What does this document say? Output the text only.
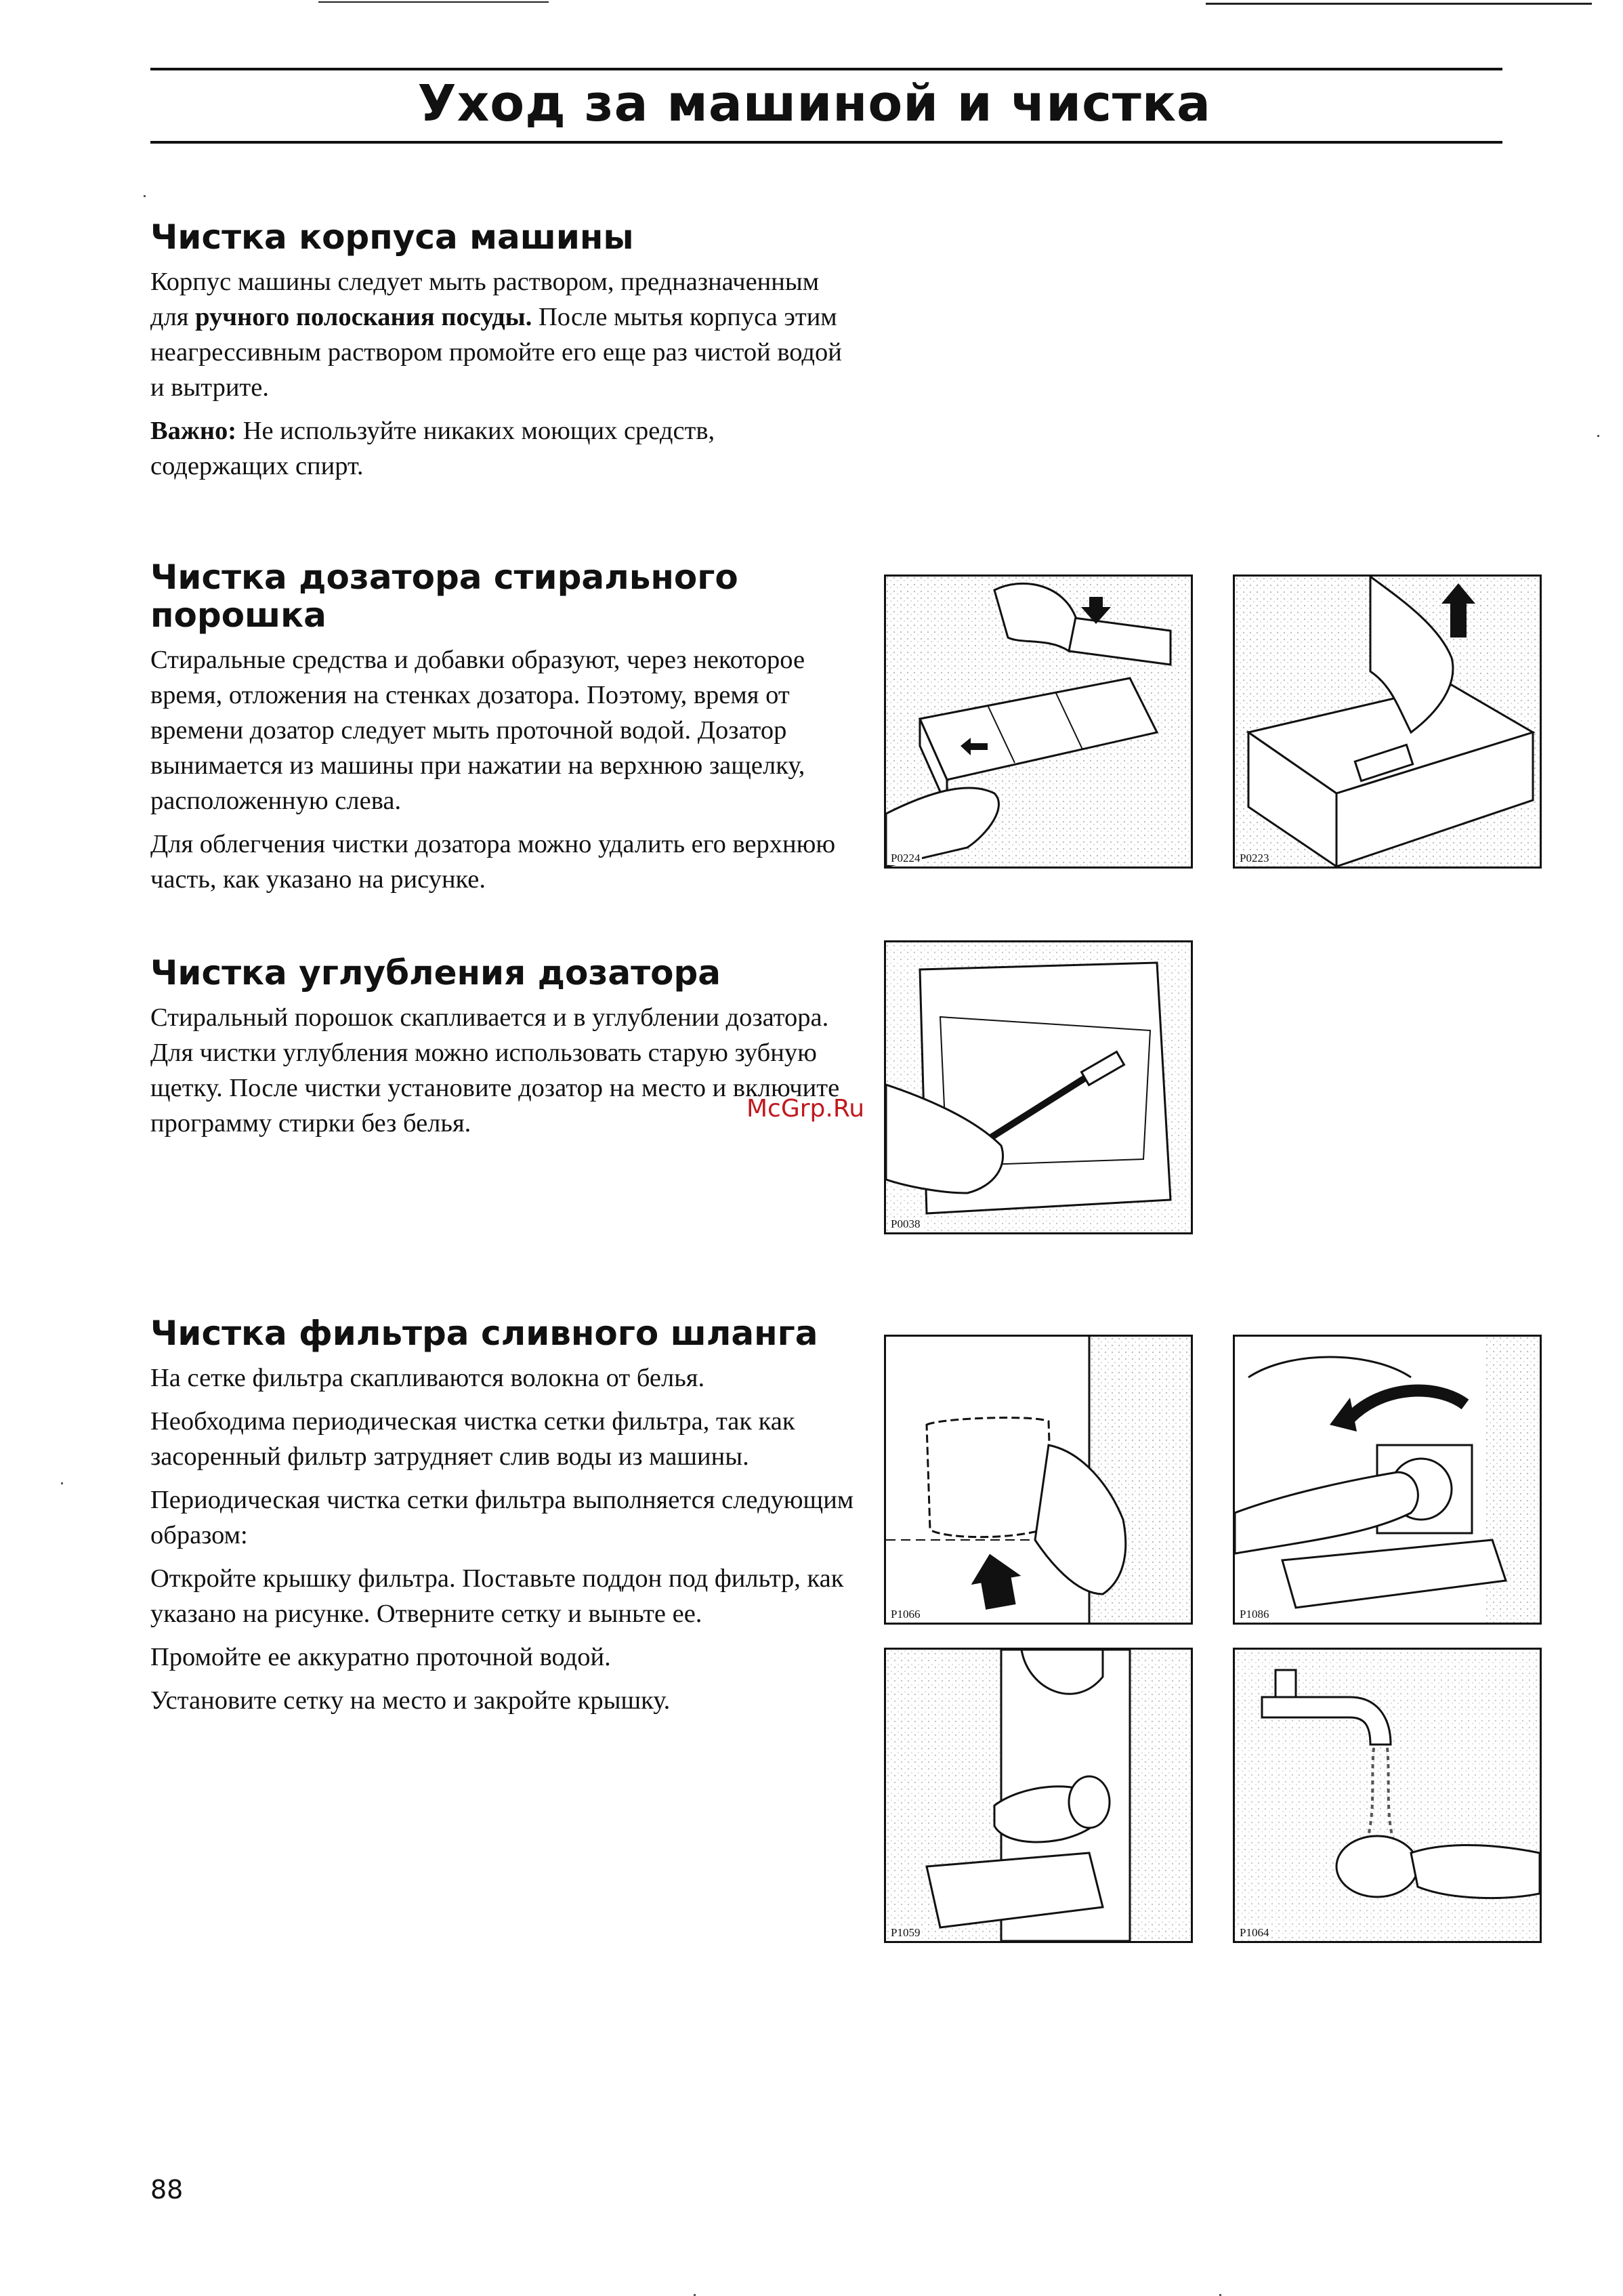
Уход за машиной и чистка
Чистка корпуса машины

Корпус машины следует мыть раствором, предназначенным для ручного полоскания посуды. После мытья корпуса этим неагрессивным раствором промойте его еще раз чистой водой и вытрите.

Важно: Не используйте никаких моющих средств, содержащих спирт.

Чистка дозатора стирального порошка

Стиральные средства и добавки образуют, через некоторое время, отложения на стенках дозатора. Поэтому, время от времени дозатор следует мыть проточной водой. Дозатор вынимается из машины при нажатии на верхнюю защелку, расположенную слева.

Для облегчения чистки дозатора можно удалить его верхнюю часть, как указано на рисунке.

Чистка углубления дозатора

Стиральный порошок скапливается и в углублении дозатора. Для чистки углубления можно использовать старую зубную щетку. После чистки установите дозатор на место и включите программу стирки без белья.

Чистка фильтра сливного шланга

На сетке фильтра скапливаются волокна от белья.

Необходима периодическая чистка сетки фильтра, так как засоренный фильтр затрудняет слив воды из машины.

Периодическая чистка сетки фильтра выполняется следующим образом:

Откройте крышку фильтра. Поставьте поддон под фильтр, как указано на рисунке. Отверните сетку и выньте ее.

Промойте ее аккуратно проточной водой.

Установите сетку на место и закройте крышку.

P0224	P0223
P0038
P1066	P1086
P1059	P1064
McGrp.Ru
88
